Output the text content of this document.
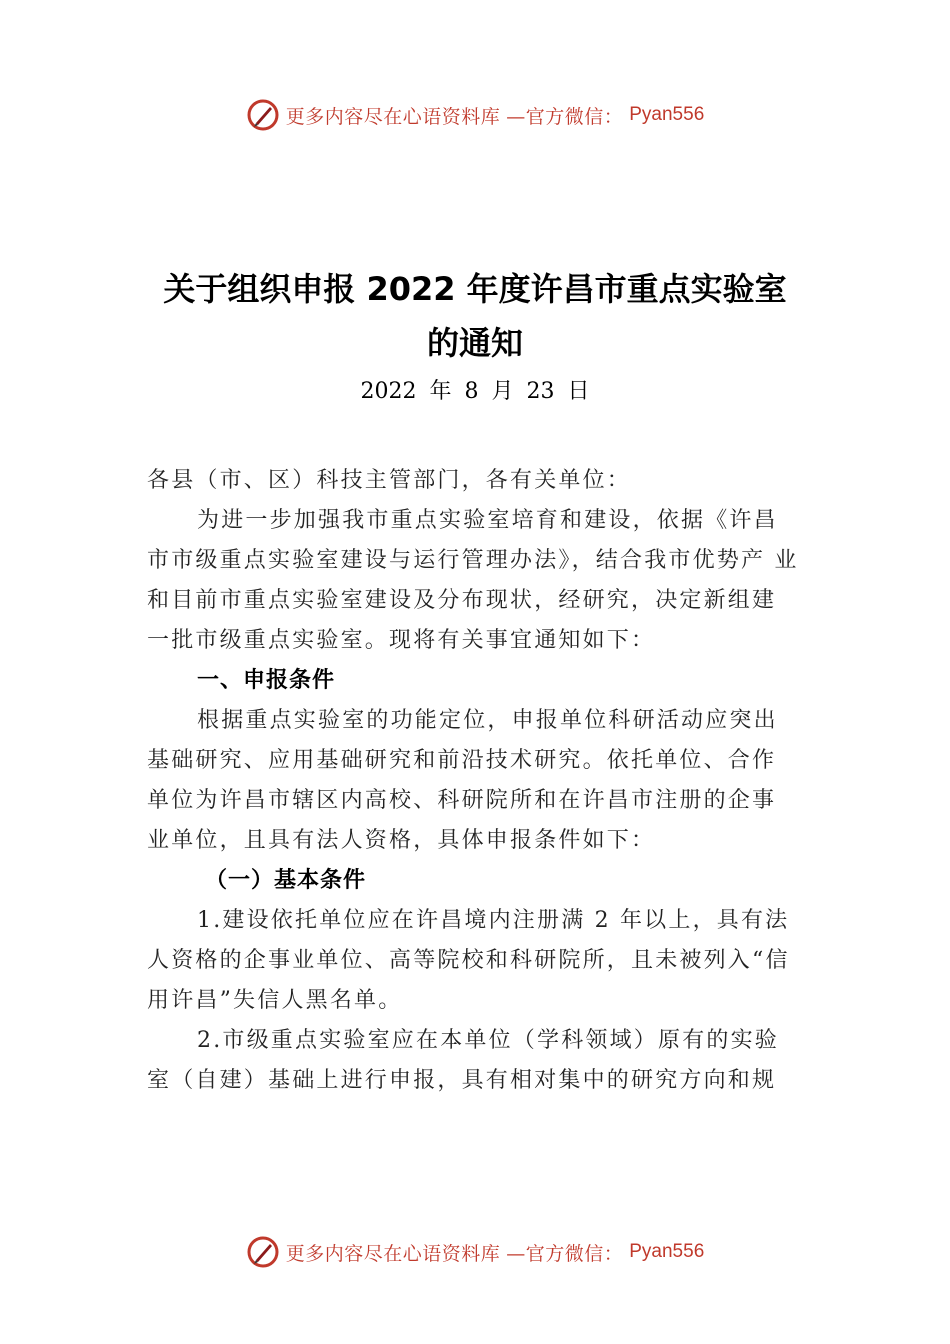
更多内容尽在心语资料库 —官方微信： Pyan556
关于组织申报 2022 年度许昌市重点实验室
的通知
2022 年 8 月 23 日
各县（市、区）科技主管部门，各有关单位：
为进一步加强我市重点实验室培育和建设，依据《许昌
市市级重点实验室建设与运行管理办法》，结合我市优势产 业
和目前市重点实验室建设及分布现状，经研究，决定新组建
一批市级重点实验室。现将有关事宜通知如下：
一、申报条件
根据重点实验室的功能定位，申报单位科研活动应突出
基础研究、应用基础研究和前沿技术研究。依托单位、合作
单位为许昌市辖区内高校、科研院所和在许昌市注册的企事
业单位，且具有法人资格，具体申报条件如下：
（一）基本条件
1.建设依托单位应在许昌境内注册满 2 年以上，具有法
人资格的企事业单位、高等院校和科研院所，且未被列入“信
用许昌”失信人黑名单。
2.市级重点实验室应在本单位（学科领域）原有的实验
室（自建）基础上进行申报，具有相对集中的研究方向和规
更多内容尽在心语资料库 —官方微信： Pyan556
